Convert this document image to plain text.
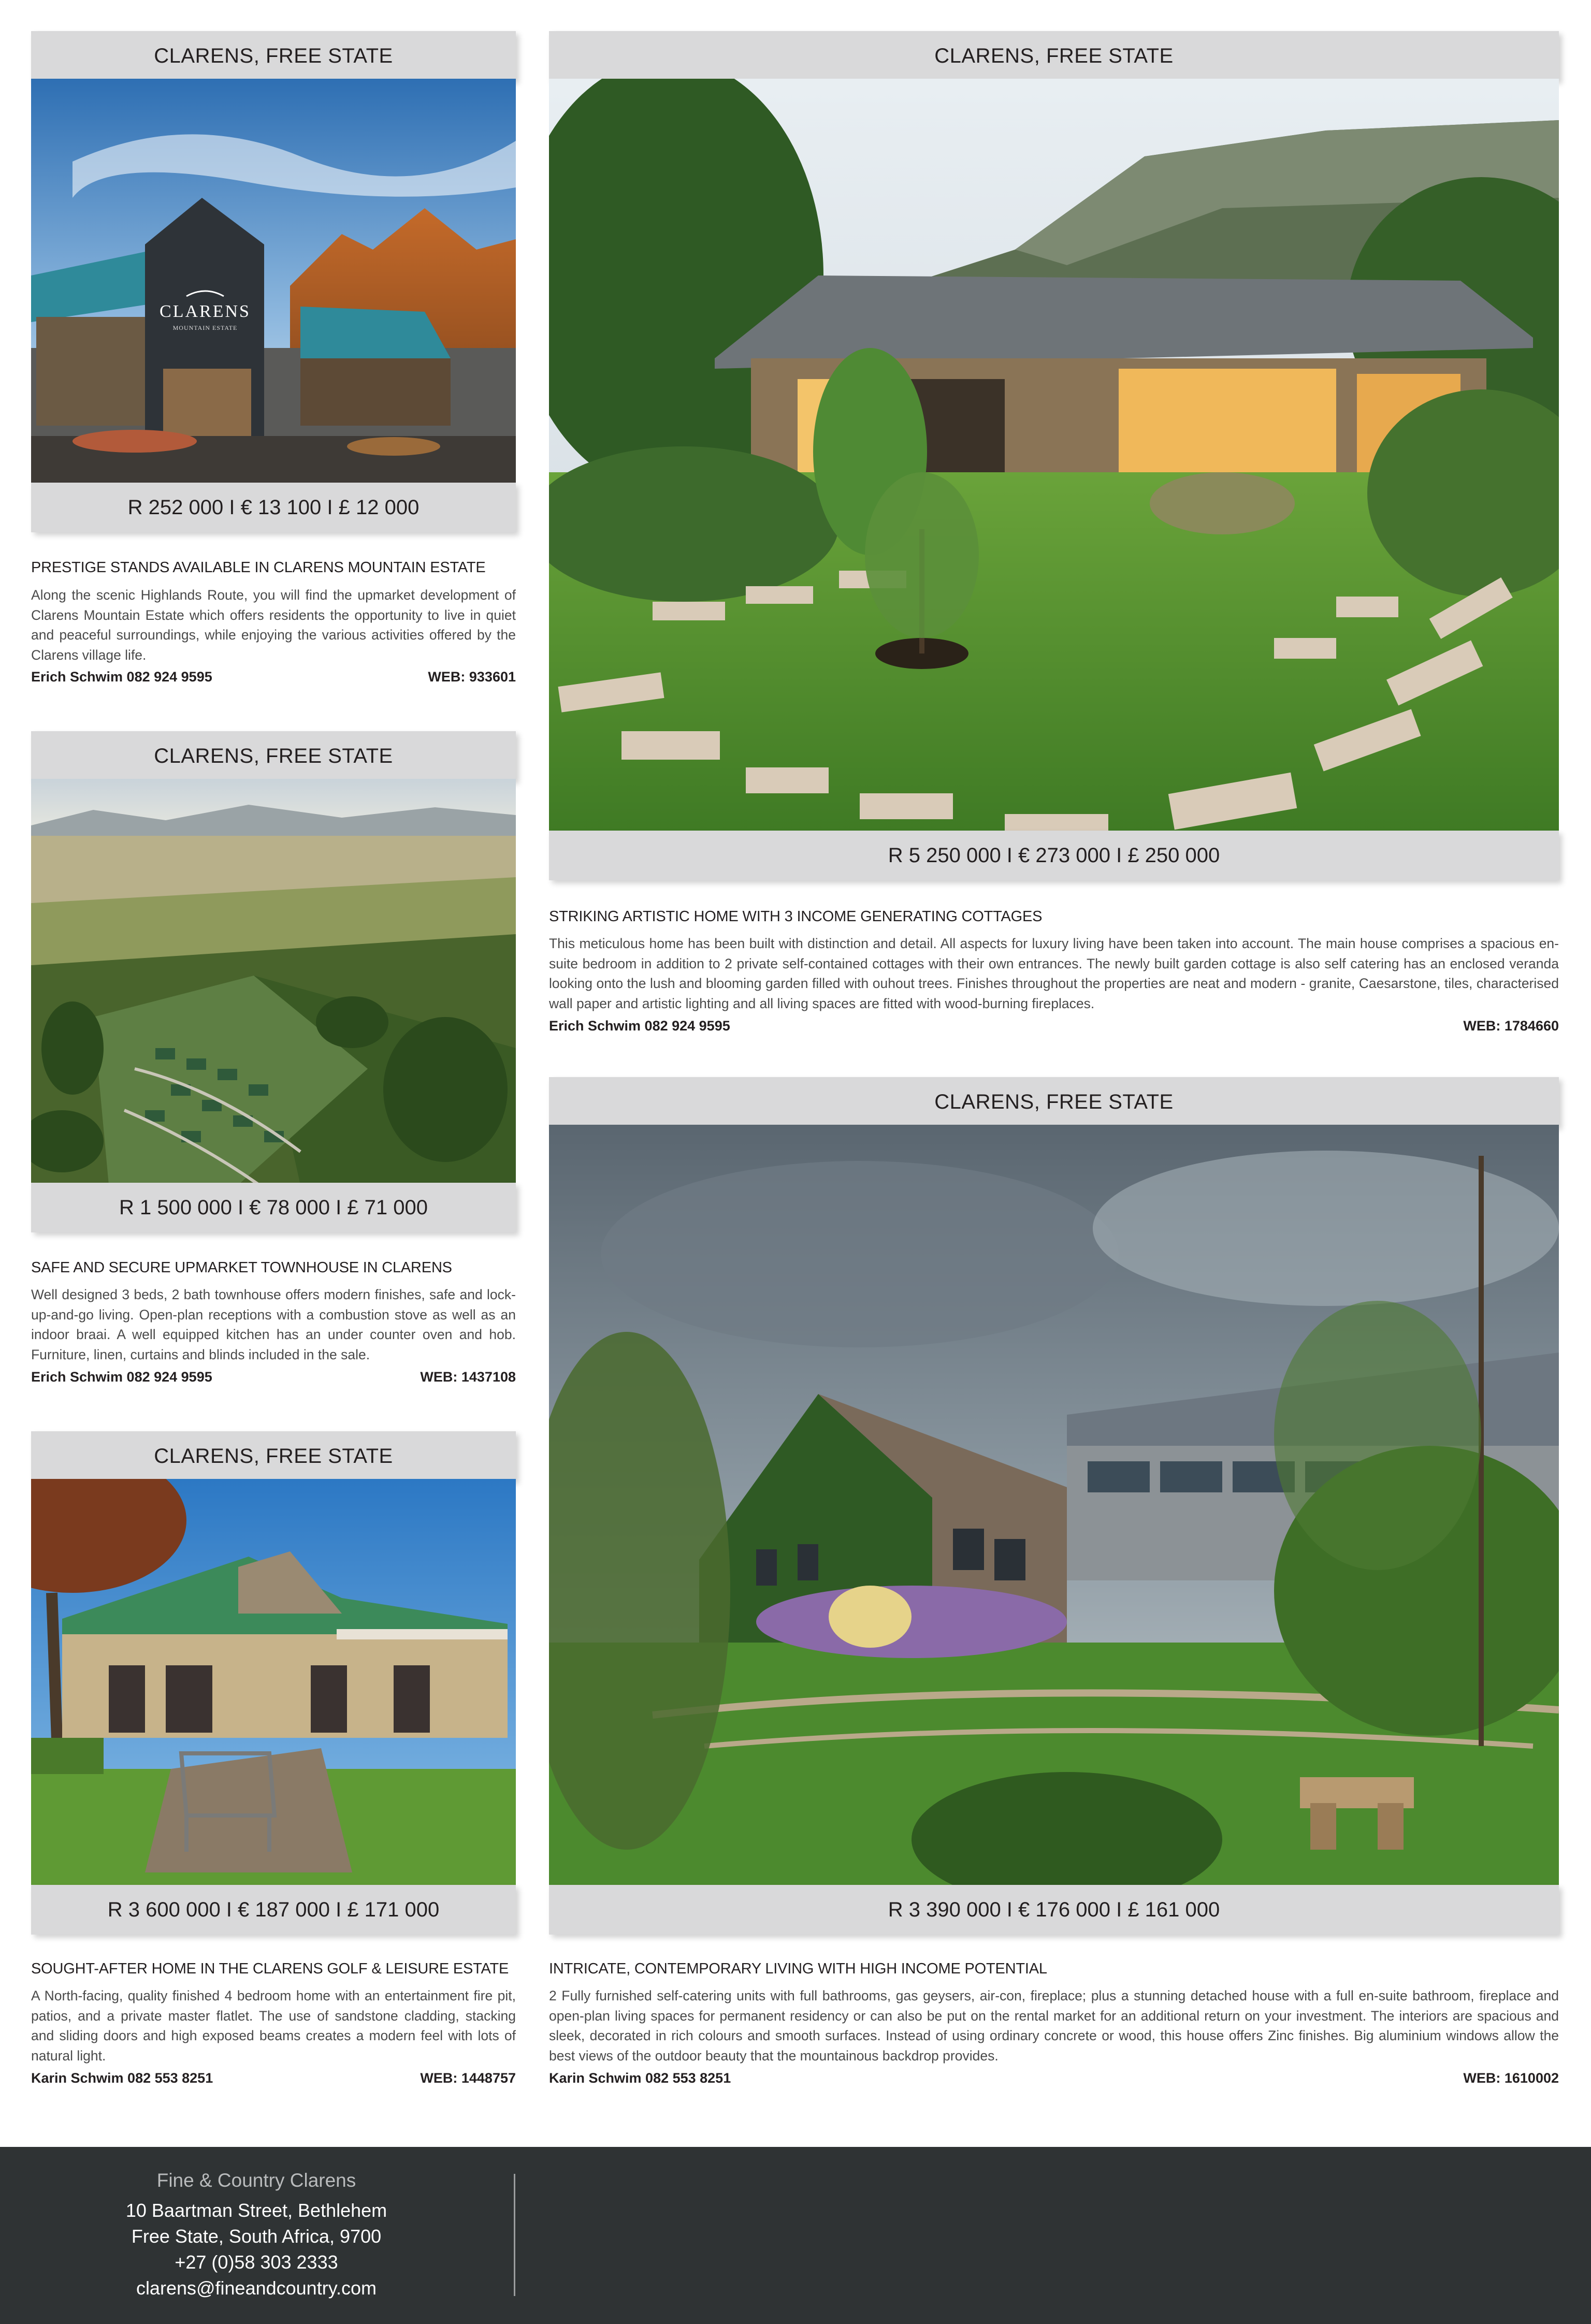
CLARENS, FREE STATE
CLARENS
MOUNTAIN ESTATE
R 252 000 I € 13 100 I £ 12 000
PRESTIGE STANDS AVAILABLE IN CLARENS MOUNTAIN ESTATE

Along the scenic Highlands Route, you will find the upmarket development of Clarens Mountain Estate which offers residents the opportunity to live in quiet and peaceful surroundings, while enjoying the various activities offered by the Clarens village life.

Erich Schwim 082 924 9595	WEB: 933601
CLARENS, FREE STATE
R 5 250 000 I € 273 000 I £ 250 000
STRIKING ARTISTIC HOME WITH 3 INCOME GENERATING COTTAGES

This meticulous home has been built with distinction and detail. All aspects for luxury living have been taken into account. The main house comprises a spacious en-suite bedroom in addition to 2 private self-contained cottages with their own entrances. The newly built garden cottage is also self catering has an enclosed veranda looking onto the lush and blooming garden filled with ouhout trees. Finishes throughout the properties are neat and modern - granite, Caesarstone, tiles, characterised wall paper and artistic lighting and all living spaces are fitted with wood-burning fireplaces.

Erich Schwim 082 924 9595	WEB: 1784660
CLARENS, FREE STATE
R 1 500 000 I € 78 000 I £ 71 000
SAFE AND SECURE UPMARKET TOWNHOUSE IN CLARENS

Well designed 3 beds, 2 bath townhouse offers modern finishes, safe and lock-up-and-go living. Open-plan receptions with a combustion stove as well as an indoor braai. A well equipped kitchen has an under counter oven and hob. Furniture, linen, curtains and blinds included in the sale.

Erich Schwim 082 924 9595	WEB: 1437108
CLARENS, FREE STATE
R 3 390 000 I € 176 000 I £ 161 000
INTRICATE, CONTEMPORARY LIVING WITH HIGH INCOME POTENTIAL

2 Fully furnished self-catering units with full bathrooms, gas geysers, air-con, fireplace; plus a stunning detached house with a full en-suite bathroom, fireplace and open-plan living spaces for permanent residency or can also be put on the rental market for an additional return on your investment. The interiors are spacious and sleek, decorated in rich colours and smooth surfaces. Instead of using ordinary concrete or wood, this house offers Zinc finishes. Big aluminium windows allow the best views of the outdoor beauty that the mountainous backdrop provides.

Karin Schwim 082 553 8251	WEB: 1610002
CLARENS, FREE STATE
R 3 600 000 I € 187 000 I £ 171 000
SOUGHT-AFTER HOME IN THE CLARENS GOLF & LEISURE ESTATE

A North-facing, quality finished 4 bedroom home with an entertainment fire pit, patios, and a private master flatlet. The use of sandstone cladding, stacking and sliding doors and high exposed beams creates a modern feel with lots of natural light.

Karin Schwim 082 553 8251	WEB: 1448757
Fine & Country Clarens
10 Baartman Street, Bethlehem
Free State, South Africa, 9700
+27 (0)58 303 2333
clarens@fineandcountry.com
